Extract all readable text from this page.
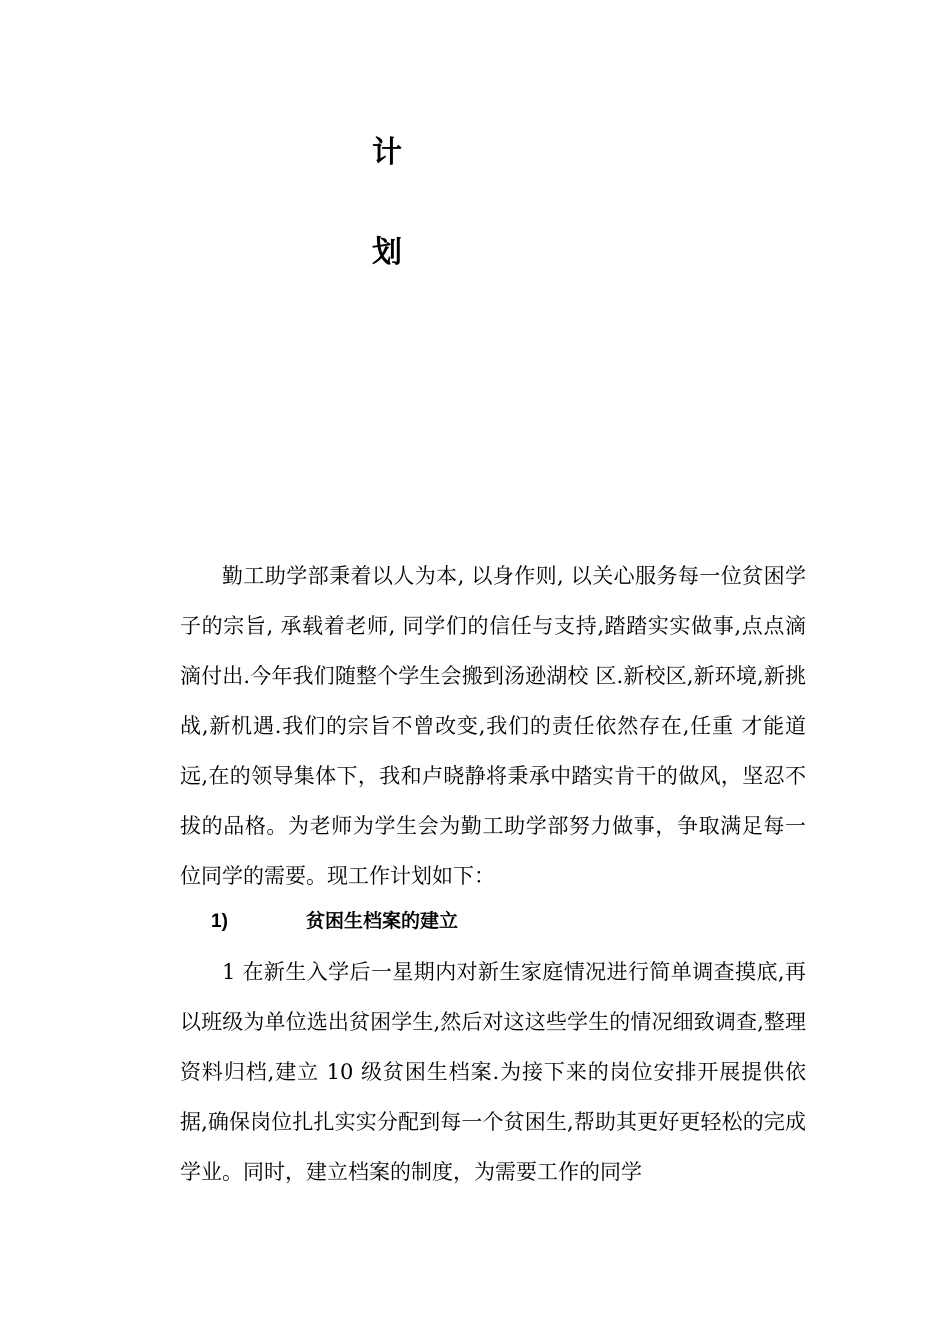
计
划

勤工助学部秉着以人为本, 以身作则, 以关心服务每一位贫困学子的宗旨, 承载着老师, 同学们的信任与支持,踏踏实实做事,点点滴滴付出.今年我们随整个学生会搬到汤逊湖校 区.新校区,新环境,新挑战,新机遇.我们的宗旨不曾改变,我们的责任依然存在,任重 才能道远,在的领导集体下，我和卢晓静将秉承中踏实肯干的做风，坚忍不拔的品格。为老师为学生会为勤工助学部努力做事，争取满足每一位同学的需要。现工作计划如下：

1)	贫困生档案的建立

1 在新生入学后一星期内对新生家庭情况进行简单调查摸底,再以班级为单位选出贫困学生,然后对这这些学生的情况细致调查,整理资料归档,建立 10 级贫困生档案.为接下来的岗位安排开展提供依据,确保岗位扎扎实实分配到每一个贫困生,帮助其更好更轻松的完成学业。同时，建立档案的制度，为需要工作的同学
